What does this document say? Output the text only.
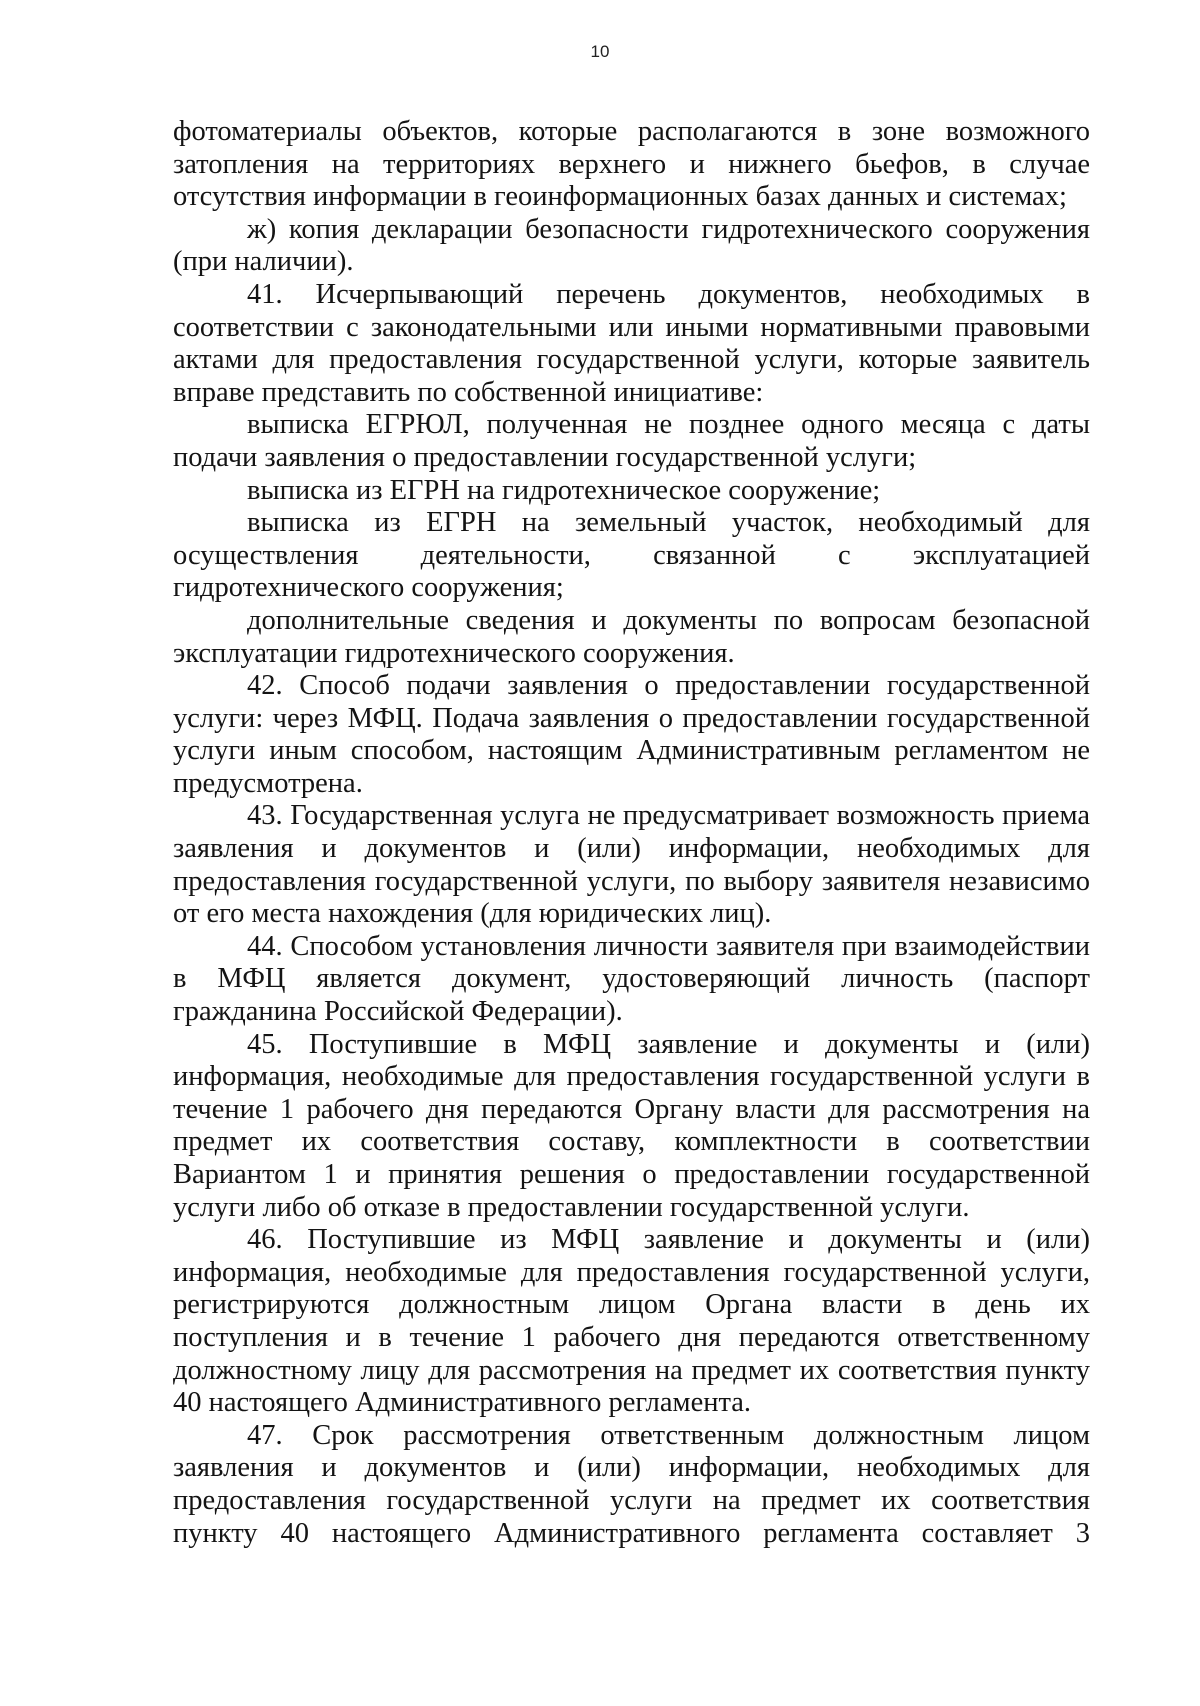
10

фотоматериалы объектов, которые располагаются в зоне возможного затопления на территориях верхнего и нижнего бьефов, в случае отсутствия информации в геоинформационных базах данных и системах;

ж) копия декларации безопасности гидротехнического сооружения (при наличии).

41. Исчерпывающий перечень документов, необходимых в соответствии с законодательными или иными нормативными правовыми актами для предоставления государственной услуги, которые заявитель вправе представить по собственной инициативе:

выписка ЕГРЮЛ, полученная не позднее одного месяца с даты подачи заявления о предоставлении государственной услуги;

выписка из ЕГРН на гидротехническое сооружение;

выписка из ЕГРН на земельный участок, необходимый для осуществления деятельности, связанной с эксплуатацией гидротехнического сооружения;

дополнительные сведения и документы по вопросам безопасной эксплуатации гидротехнического сооружения.

42. Способ подачи заявления о предоставлении государственной услуги: через МФЦ. Подача заявления о предоставлении государственной услуги иным способом, настоящим Административным регламентом не предусмотрена.

43. Государственная услуга не предусматривает возможность приема заявления и документов и (или) информации, необходимых для предоставления государственной услуги, по выбору заявителя независимо от его места нахождения (для юридических лиц).

44. Способом установления личности заявителя при взаимодействии в МФЦ является документ, удостоверяющий личность (паспорт гражданина Российской Федерации).

45. Поступившие в МФЦ заявление и документы и (или) информация, необходимые для предоставления государственной услуги в течение 1 рабочего дня передаются Органу власти для рассмотрения на предмет их соответствия составу, комплектности в соответствии Вариантом 1 и принятия решения о предоставлении государственной услуги либо об отказе в предоставлении государственной услуги.

46. Поступившие из МФЦ заявление и документы и (или) информация, необходимые для предоставления государственной услуги, регистрируются должностным лицом Органа власти в день их поступления и в течение 1 рабочего дня передаются ответственному должностному лицу для рассмотрения на предмет их соответствия пункту 40 настоящего Административного регламента.

47. Срок рассмотрения ответственным должностным лицом заявления и документов и (или) информации, необходимых для предоставления государственной услуги на предмет их соответствия пункту 40 настоящего Административного регламента составляет 3
